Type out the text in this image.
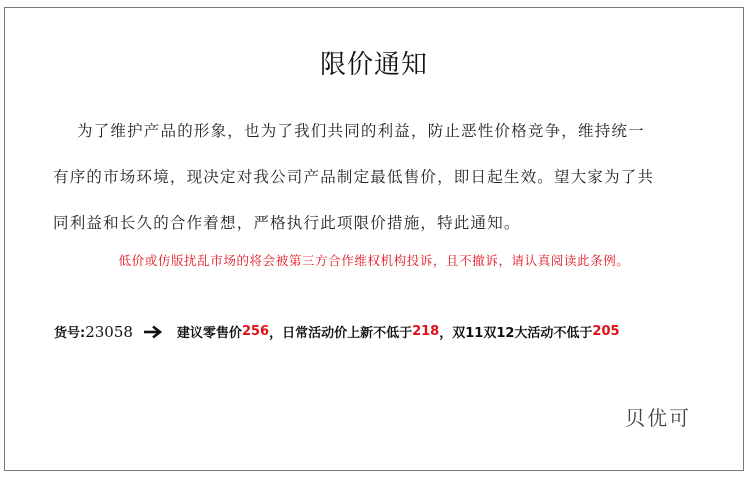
限价通知
为了维护产品的形象，也为了我们共同的利益，防止恶性价格竞争，维持统一
有序的市场环境，现决定对我公司产品制定最低售价，即日起生效。望大家为了共
同利益和长久的合作着想，严格执行此项限价措施，特此通知。
低价或仿版扰乱市场的将会被第三方合作维权机构投诉，且不撤诉，请认真阅读此条例。
货号: 23058	建议零售价 256 ，日常活动价上新不低于 218 ，双11双12大活动不低于 205
贝优可
